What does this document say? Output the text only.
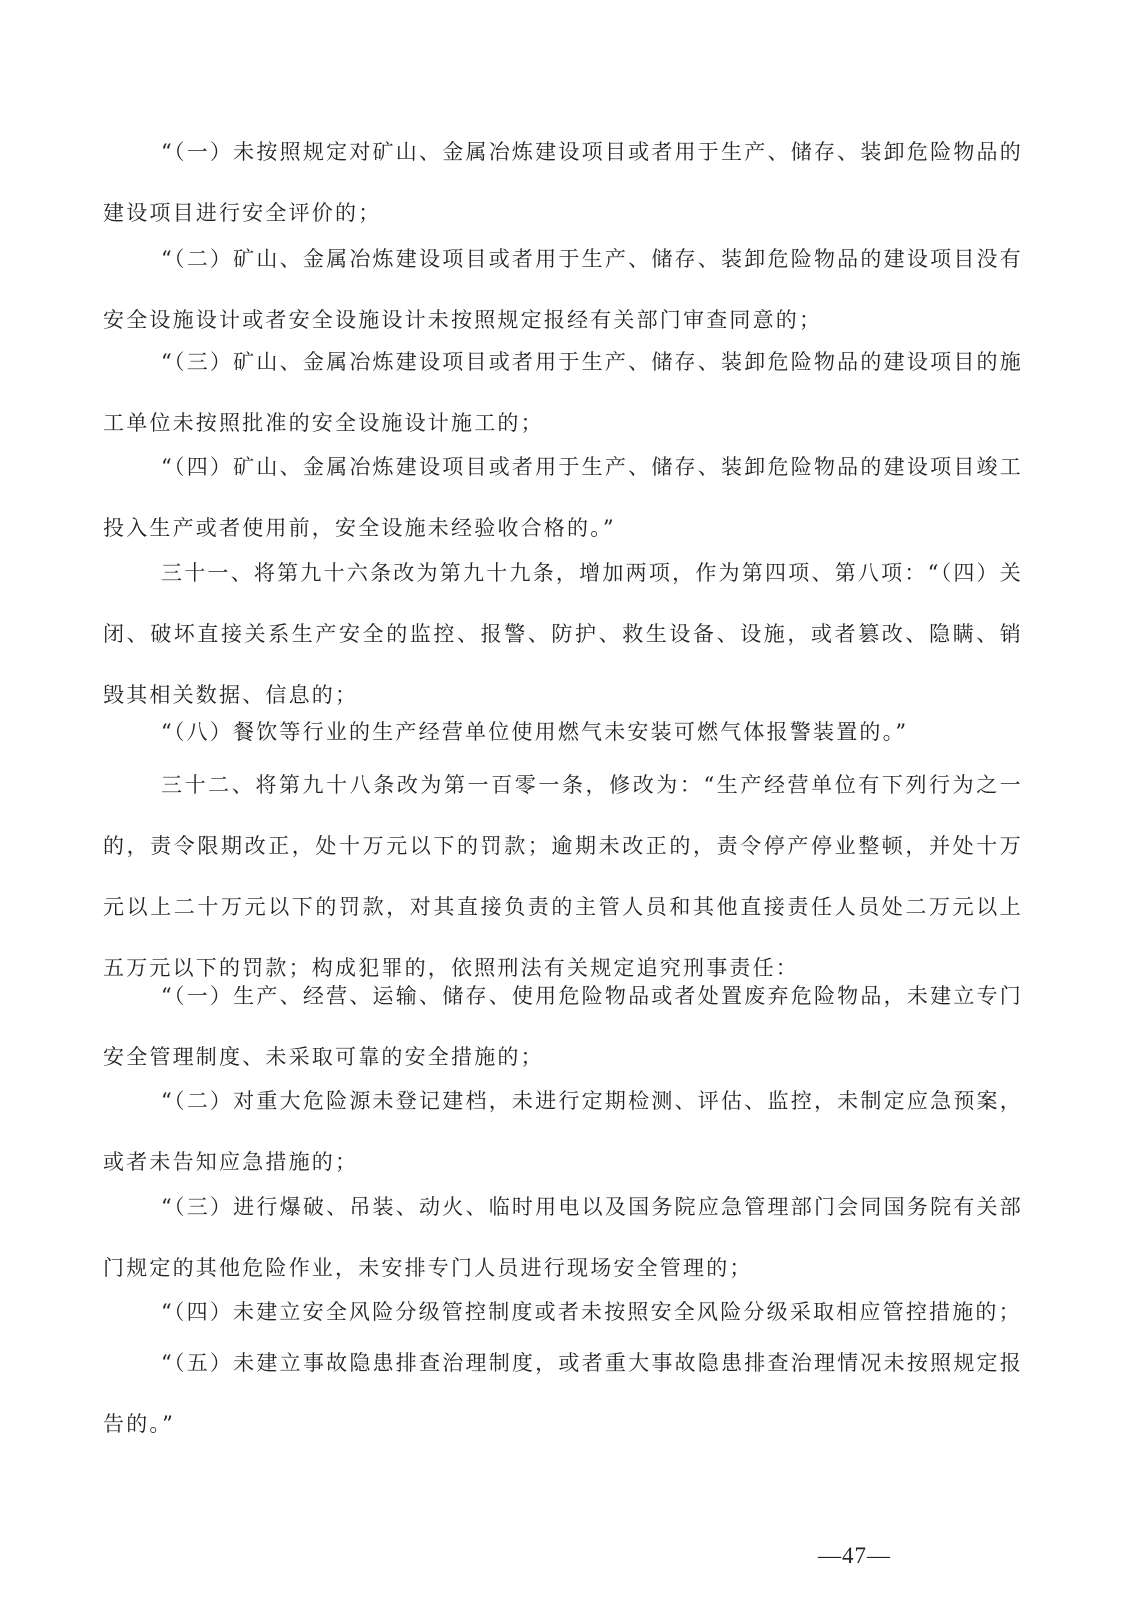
“（一）未按照规定对矿山、金属冶炼建设项目或者用于生产、储存、装卸危险物品的建设项目进行安全评价的；

“（二）矿山、金属冶炼建设项目或者用于生产、储存、装卸危险物品的建设项目没有安全设施设计或者安全设施设计未按照规定报经有关部门审查同意的；

“（三）矿山、金属冶炼建设项目或者用于生产、储存、装卸危险物品的建设项目的施工单位未按照批准的安全设施设计施工的；

“（四）矿山、金属冶炼建设项目或者用于生产、储存、装卸危险物品的建设项目竣工投入生产或者使用前，安全设施未经验收合格的。”

三十一、将第九十六条改为第九十九条，增加两项，作为第四项、第八项：“（四）关闭、破坏直接关系生产安全的监控、报警、防护、救生设备、设施，或者篡改、隐瞒、销毁其相关数据、信息的；

“（八）餐饮等行业的生产经营单位使用燃气未安装可燃气体报警装置的。”

三十二、将第九十八条改为第一百零一条，修改为：“生产经营单位有下列行为之一的，责令限期改正，处十万元以下的罚款；逾期未改正的，责令停产停业整顿，并处十万元以上二十万元以下的罚款，对其直接负责的主管人员和其他直接责任人员处二万元以上五万元以下的罚款；构成犯罪的，依照刑法有关规定追究刑事责任：

“（一）生产、经营、运输、储存、使用危险物品或者处置废弃危险物品，未建立专门安全管理制度、未采取可靠的安全措施的；

“（二）对重大危险源未登记建档，未进行定期检测、评估、监控，未制定应急预案，或者未告知应急措施的；

“（三）进行爆破、吊装、动火、临时用电以及国务院应急管理部门会同国务院有关部门规定的其他危险作业，未安排专门人员进行现场安全管理的；

“（四）未建立安全风险分级管控制度或者未按照安全风险分级采取相应管控措施的；

“（五）未建立事故隐患排查治理制度，或者重大事故隐患排查治理情况未按照规定报告的。”

—47—
